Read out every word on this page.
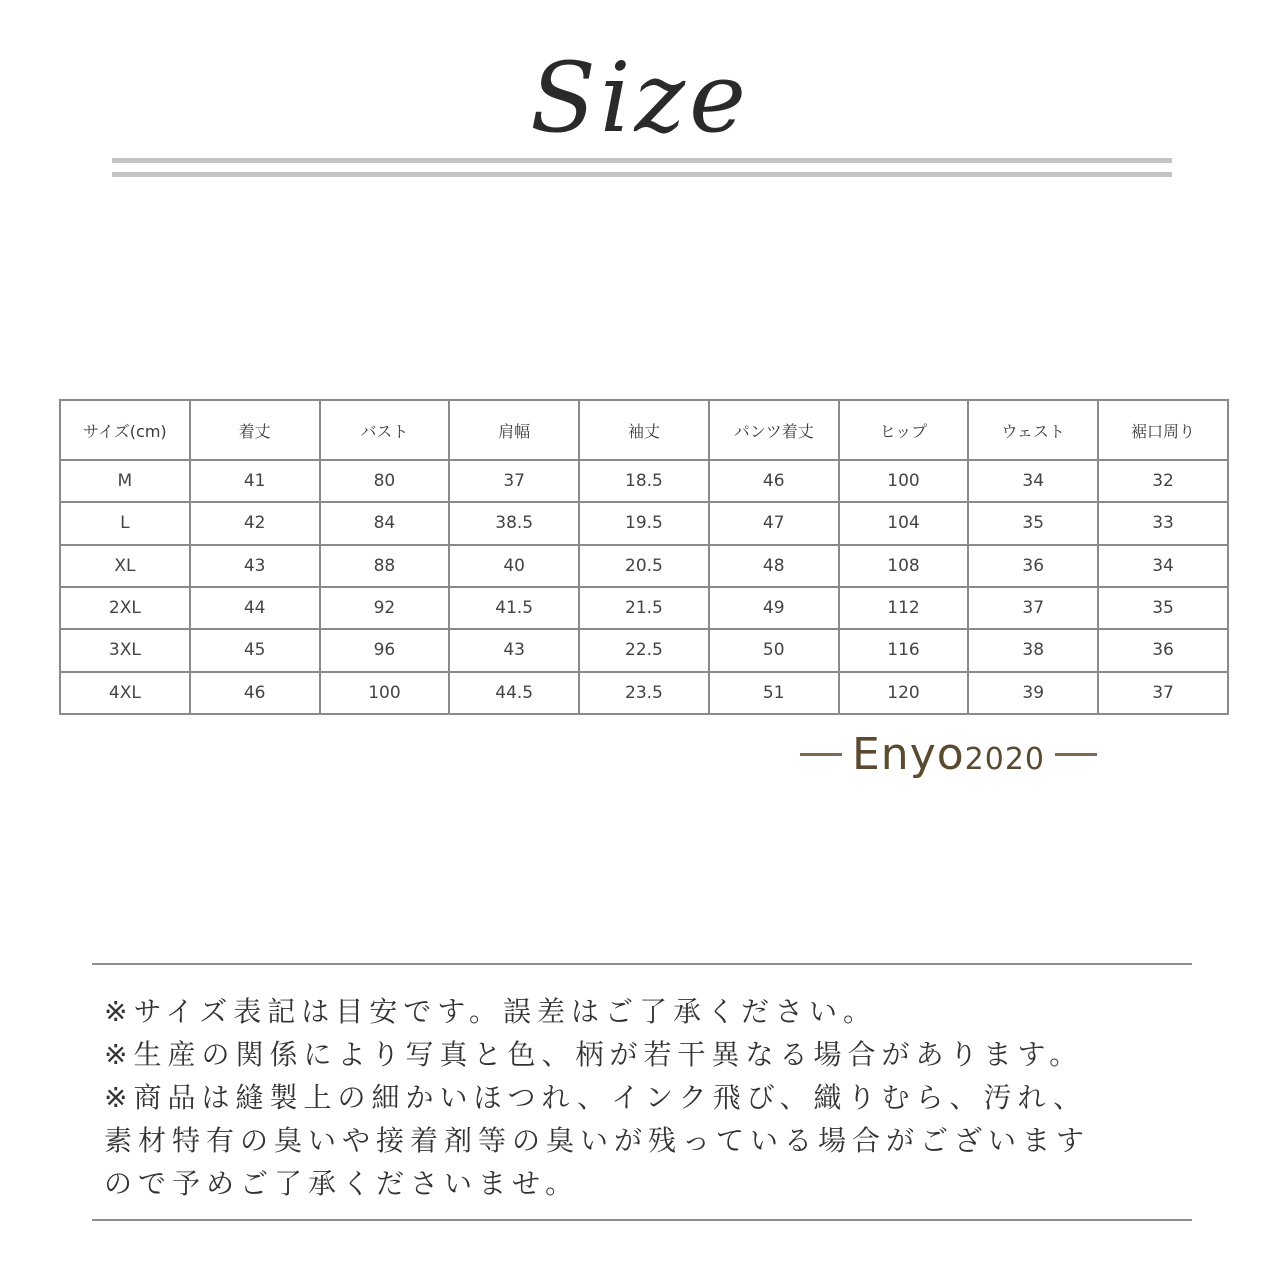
Size
サイズ(cm)	着丈	バスト	肩幅	袖丈	パンツ着丈	ヒップ	ウェスト	裾口周り
M	41	80	37	18.5	46	100	34	32
L	42	84	38.5	19.5	47	104	35	33
XL	43	88	40	20.5	48	108	36	34
2XL	44	92	41.5	21.5	49	112	37	35
3XL	45	96	43	22.5	50	116	38	36
4XL	46	100	44.5	23.5	51	120	39	37
Enyo 2020
※サイズ表記は目安です。誤差はご了承ください。
※生産の関係により写真と色、柄が若干異なる場合があります。
※商品は縫製上の細かいほつれ、インク飛び、織りむら、汚れ、
素材特有の臭いや接着剤等の臭いが残っている場合がございます
ので予めご了承くださいませ。
